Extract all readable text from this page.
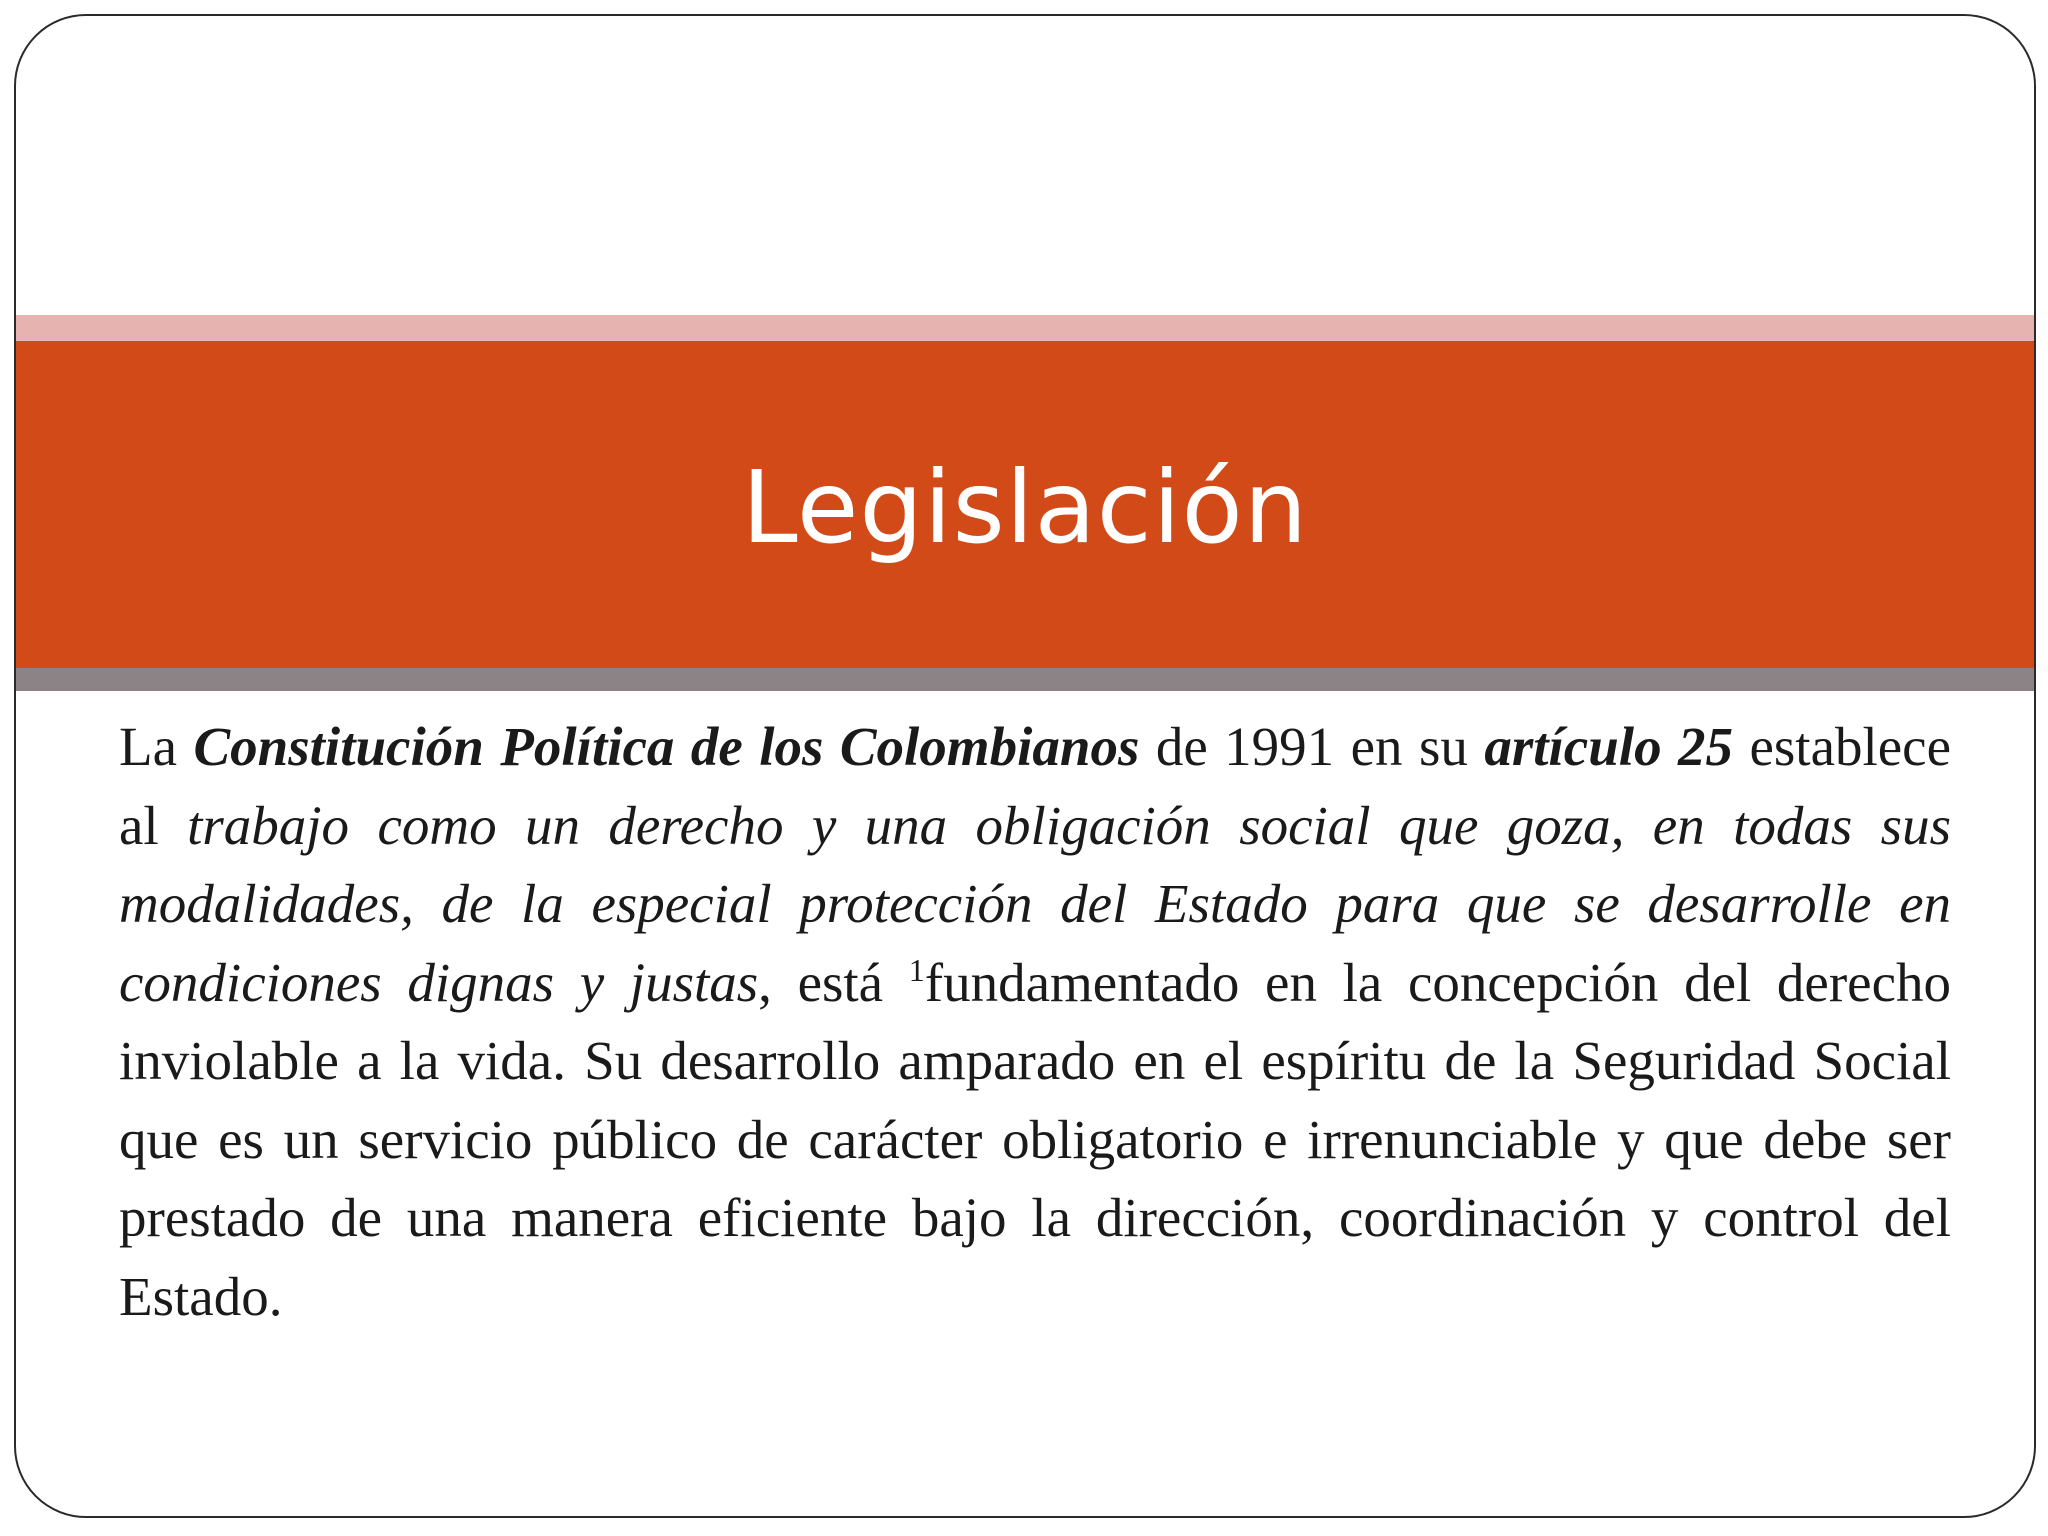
Legislación

La Constitución Política de los Colombianos de 1991 en su artículo 25 establece al trabajo como un derecho y una obligación social que goza, en todas sus modalidades, de la especial protección del Estado para que se desarrolle en condiciones dignas y justas, está $^1$fundamentado en la concepción del derecho inviolable a la vida. Su desarrollo amparado en el espíritu de la Seguridad Social que es un servicio público de carácter obligatorio e irrenunciable y que debe ser prestado de una manera eficiente bajo la dirección, coordinación y control del Estado.
